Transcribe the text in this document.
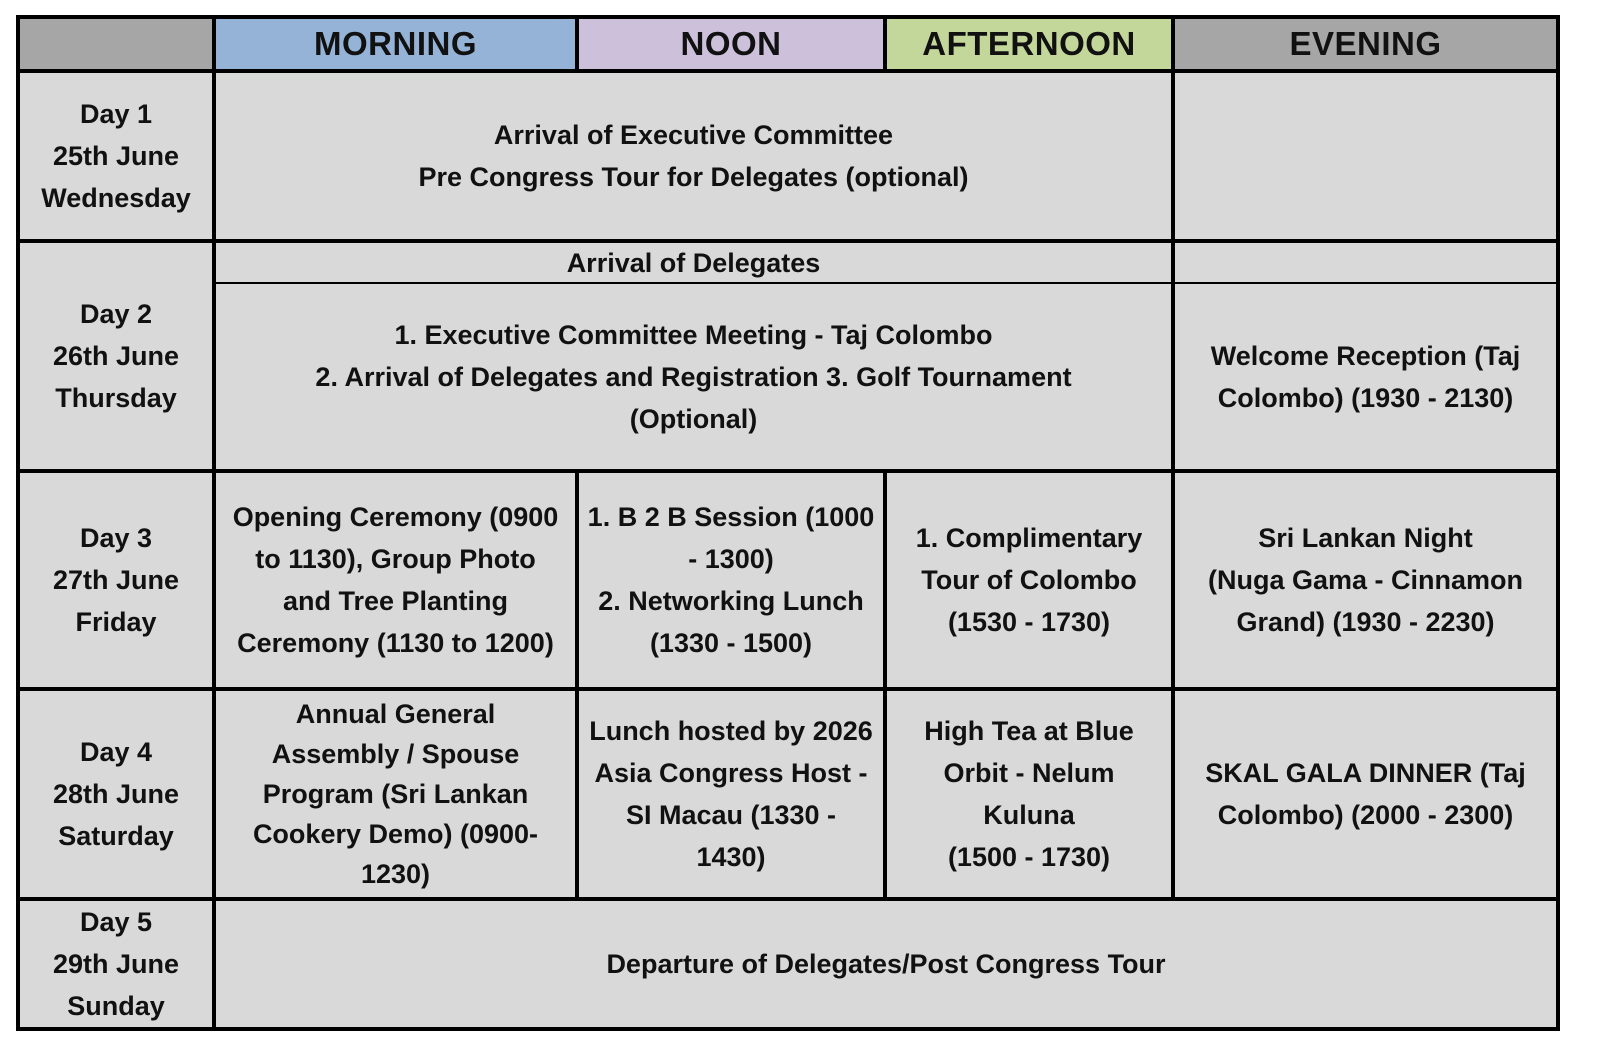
	MORNING	NOON	AFTERNOON	EVENING

Day 1
25th June
Wednesday	Arrival of Executive Committee
Pre Congress Tour for Delegates (optional)			

Day 2
26th June
Thursday	Arrival of Delegates			

	1. Executive Committee Meeting - Taj Colombo
2. Arrival of Delegates and Registration 3. Golf Tournament
(Optional)			Welcome Reception (Taj
Colombo) (1930 - 2130)

Day 3
27th June
Friday	Opening Ceremony (0900
to 1130), Group Photo
and Tree Planting
Ceremony (1130 to 1200)	1. B 2 B Session (1000
- 1300)
2. Networking Lunch
(1330 - 1500)	1. Complimentary
Tour of Colombo
(1530 - 1730)	Sri Lankan Night
(Nuga Gama - Cinnamon
Grand) (1930 - 2230)

Day 4
28th June
Saturday	Annual General
Assembly / Spouse
Program (Sri Lankan
Cookery Demo) (0900-
1230)	Lunch hosted by 2026
Asia Congress Host -
SI Macau (1330 -
1430)	High Tea at Blue
Orbit - Nelum
Kuluna
(1500 - 1730)	SKAL GALA DINNER (Taj
Colombo) (2000 - 2300)

Day 5
29th June
Sunday	Departure of Delegates/Post Congress Tour			
